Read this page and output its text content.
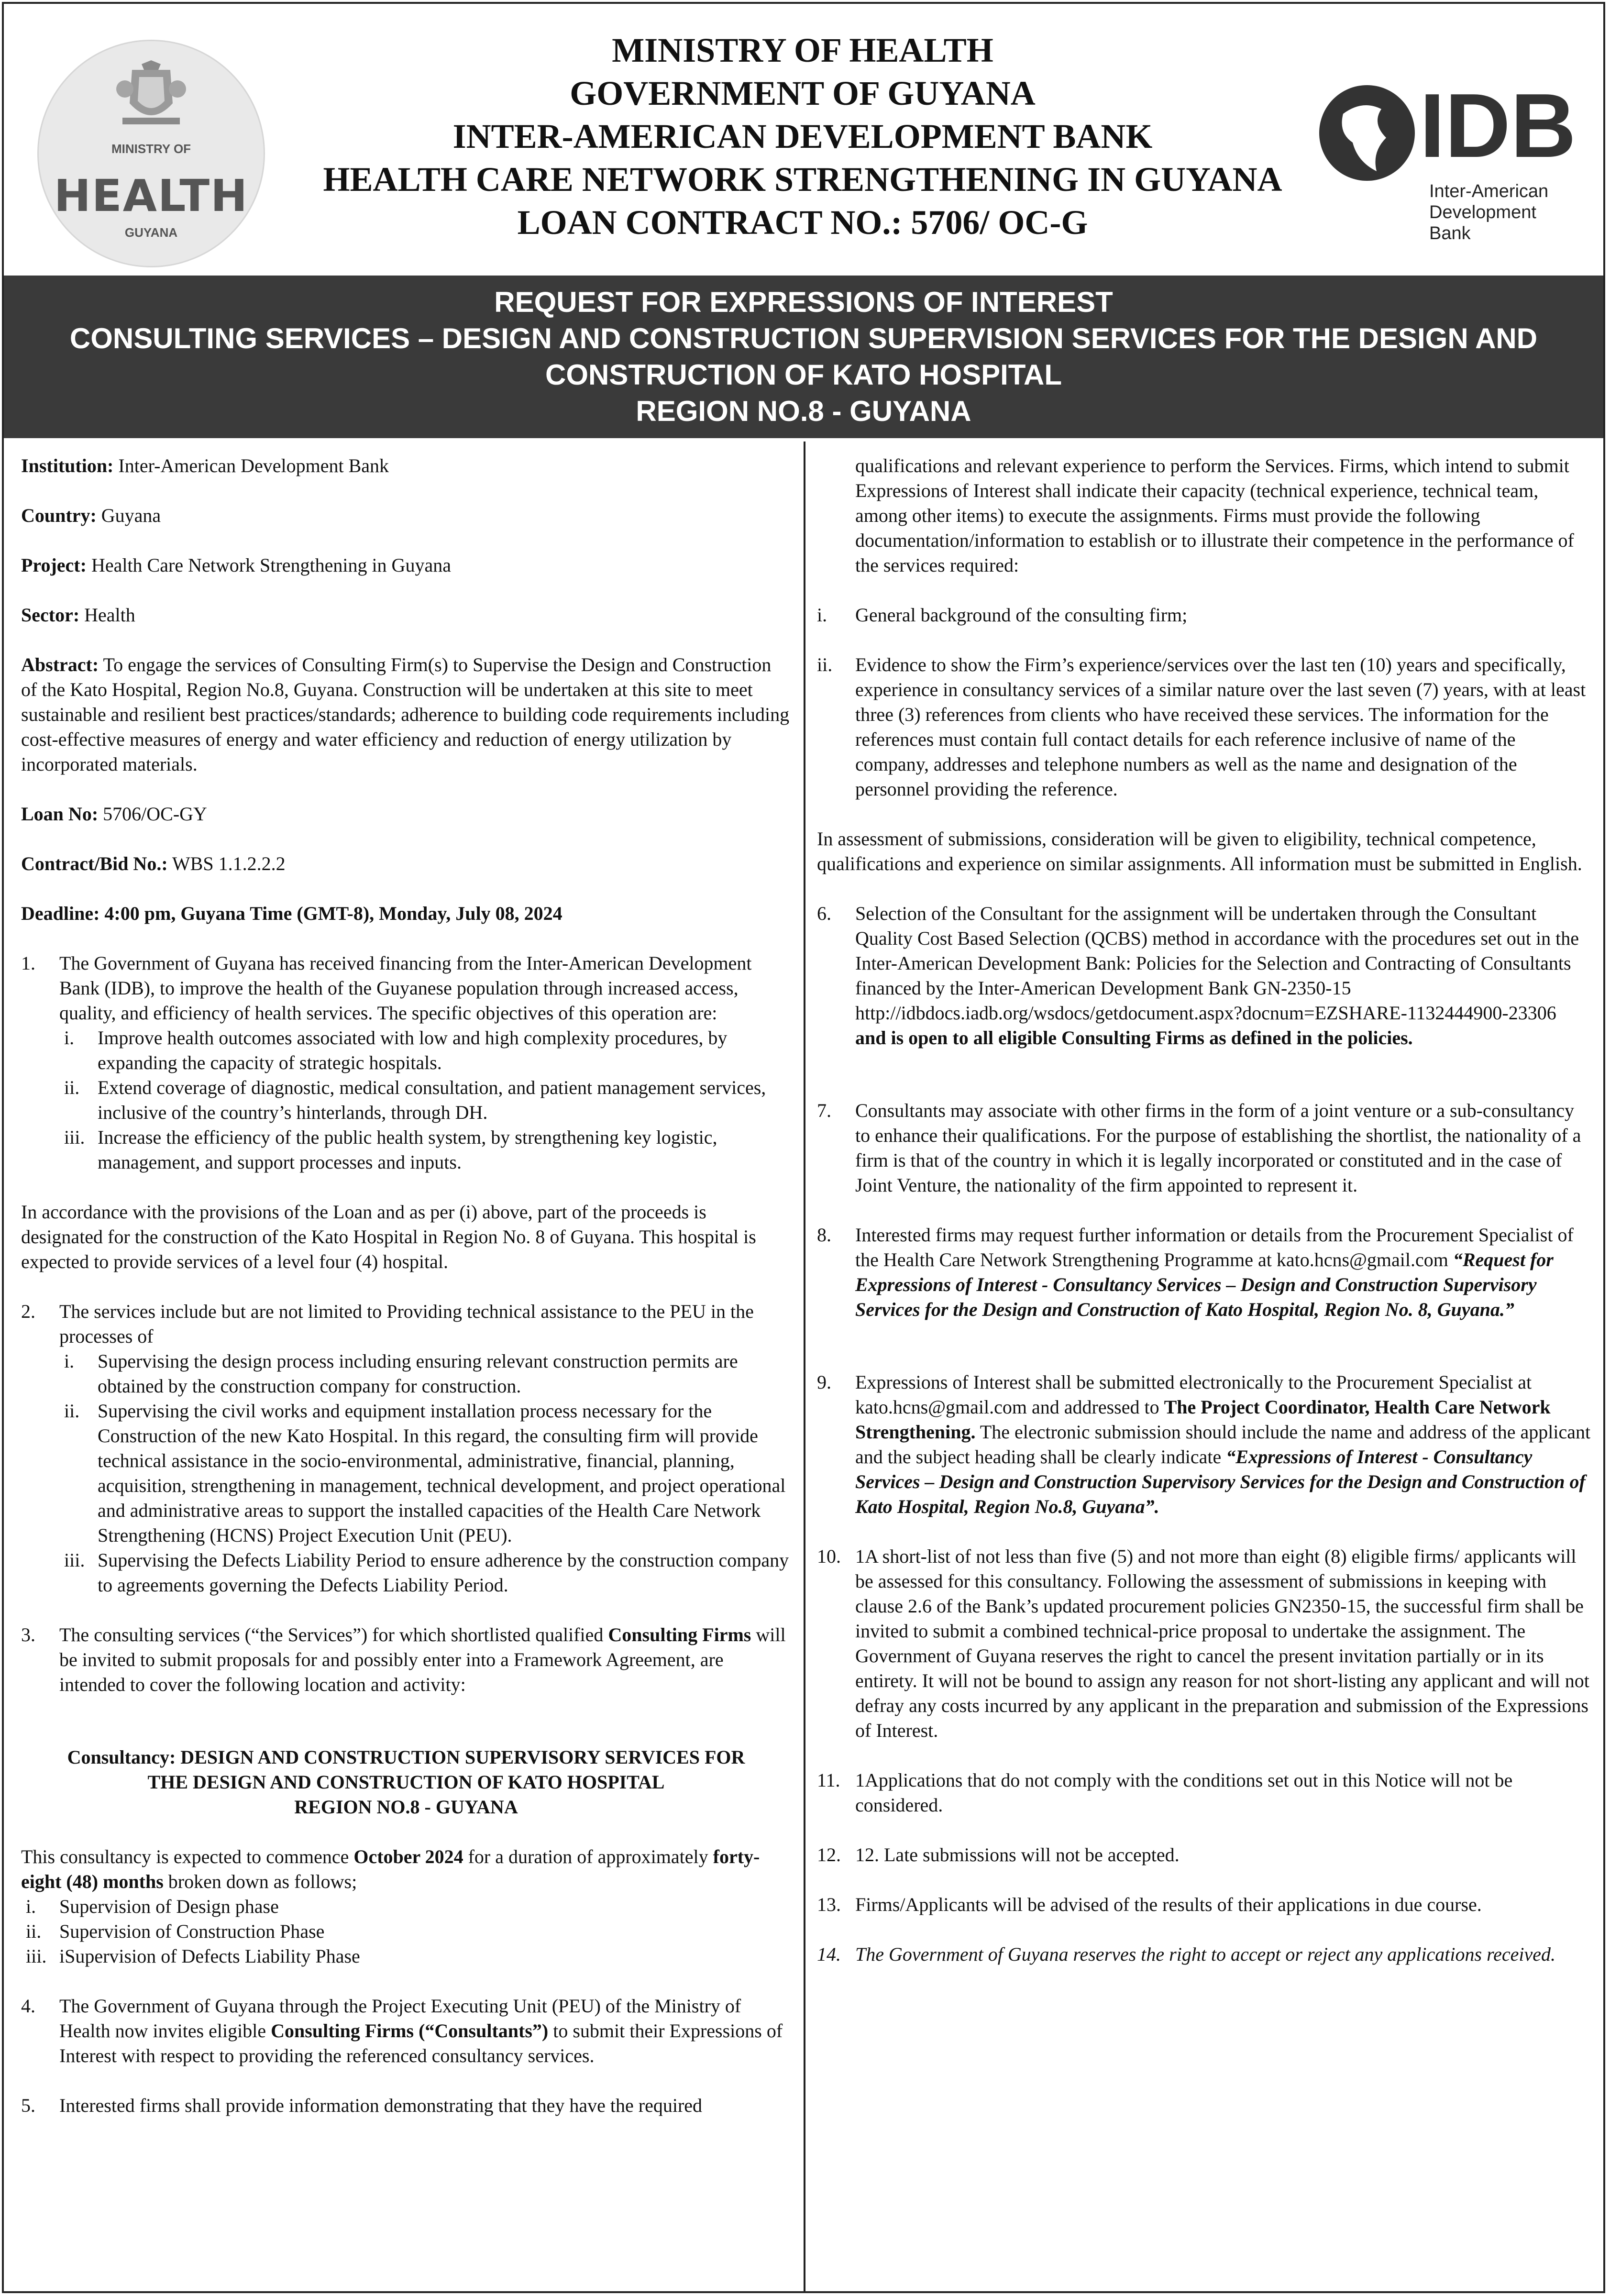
MINISTRY OF
HEALTH
GUYANA
MINISTRY OF HEALTH
GOVERNMENT OF GUYANA
INTER-AMERICAN DEVELOPMENT BANK
HEALTH CARE NETWORK STRENGTHENING IN GUYANA
LOAN CONTRACT NO.: 5706/ OC-G
IDB
Inter-American
Development Bank
REQUEST FOR EXPRESSIONS OF INTEREST
CONSULTING SERVICES – DESIGN AND CONSTRUCTION SUPERVISION SERVICES FOR THE DESIGN AND
CONSTRUCTION OF KATO HOSPITAL
REGION NO.8 - GUYANA

Institution: Inter-American Development Bank

Country: Guyana

Project: Health Care Network Strengthening in Guyana

Sector: Health

Abstract: To engage the services of Consulting Firm(s) to Supervise the Design and Construction of the Kato Hospital, Region No.8, Guyana. Construction will be undertaken at this site to meet sustainable and resilient best practices/standards; adherence to building code requirements including cost-effective measures of energy and water efficiency and reduction of energy utilization by incorporated materials.

Loan No: 5706/OC-GY

Contract/Bid No.: WBS 1.1.2.2.2

Deadline: 4:00 pm, Guyana Time (GMT-8), Monday, July 08, 2024

1. The Government of Guyana has received financing from the Inter-American Development Bank (IDB), to improve the health of the Guyanese population through increased access, quality, and efficiency of health services. The specific objectives of this operation are:
i. Improve health outcomes associated with low and high complexity procedures, by expanding the capacity of strategic hospitals.
ii. Extend coverage of diagnostic, medical consultation, and patient management services, inclusive of the country’s hinterlands, through DH.
iii. Increase the efficiency of the public health system, by strengthening key logistic, management, and support processes and inputs.

In accordance with the provisions of the Loan and as per (i) above, part of the proceeds is designated for the construction of the Kato Hospital in Region No. 8 of Guyana. This hospital is expected to provide services of a level four (4) hospital.

2. The services include but are not limited to Providing technical assistance to the PEU in the processes of
i. Supervising the design process including ensuring relevant construction permits are obtained by the construction company for construction.
ii. Supervising the civil works and equipment installation process necessary for the Construction of the new Kato Hospital. In this regard, the consulting firm will provide technical assistance in the socio-environmental, administrative, financial, planning, acquisition, strengthening in management, technical development, and project operational and administrative areas to support the installed capacities of the Health Care Network Strengthening (HCNS) Project Execution Unit (PEU).
iii. Supervising the Defects Liability Period to ensure adherence by the construction company to agreements governing the Defects Liability Period.
3. The consulting services (“the Services”) for which shortlisted qualified Consulting Firms will be invited to submit proposals for and possibly enter into a Framework Agreement, are intended to cover the following location and activity:
Consultancy: DESIGN AND CONSTRUCTION SUPERVISORY SERVICES FOR
THE DESIGN AND CONSTRUCTION OF KATO HOSPITAL
REGION NO.8 - GUYANA
This consultancy is expected to commence October 2024 for a duration of approximately forty-eight (48) months broken down as follows;
i. Supervision of Design phase
ii. Supervision of Construction Phase
iii. iSupervision of Defects Liability Phase
4. The Government of Guyana through the Project Executing Unit (PEU) of the Ministry of Health now invites eligible Consulting Firms (“Consultants”) to submit their Expressions of Interest with respect to providing the referenced consultancy services.
5. Interested firms shall provide information demonstrating that they have the required
qualifications and relevant experience to perform the Services. Firms, which intend to submit Expressions of Interest shall indicate their capacity (technical experience, technical team, among other items) to execute the assignments. Firms must provide the following documentation/information to establish or to illustrate their competence in the performance of the services required:
i. General background of the consulting firm;
ii. Evidence to show the Firm’s experience/services over the last ten (10) years and specifically, experience in consultancy services of a similar nature over the last seven (7) years, with at least three (3) references from clients who have received these services. The information for the references must contain full contact details for each reference inclusive of name of the company, addresses and telephone numbers as well as the name and designation of the personnel providing the reference.

In assessment of submissions, consideration will be given to eligibility, technical competence, qualifications and experience on similar assignments. All information must be submitted in English.

6. Selection of the Consultant for the assignment will be undertaken through the Consultant Quality Cost Based Selection (QCBS) method in accordance with the procedures set out in the Inter-American Development Bank: Policies for the Selection and Contracting of Consultants financed by the Inter-American Development Bank GN-2350-15 http://idbdocs.iadb.org/wsdocs/getdocument.aspx?docnum=EZSHARE-1132444900-23306 and is open to all eligible Consulting Firms as defined in the policies.
7. Consultants may associate with other firms in the form of a joint venture or a sub-consultancy to enhance their qualifications. For the purpose of establishing the shortlist, the nationality of a firm is that of the country in which it is legally incorporated or constituted and in the case of Joint Venture, the nationality of the firm appointed to represent it.
8. Interested firms may request further information or details from the Procurement Specialist of the Health Care Network Strengthening Programme at kato.hcns@gmail.com “Request for Expressions of Interest - Consultancy Services – Design and Construction Supervisory Services for the Design and Construction of Kato Hospital, Region No. 8, Guyana.”
9. Expressions of Interest shall be submitted electronically to the Procurement Specialist at kato.hcns@gmail.com and addressed to The Project Coordinator, Health Care Network Strengthening. The electronic submission should include the name and address of the applicant and the subject heading shall be clearly indicate “Expressions of Interest - Consultancy Services – Design and Construction Supervisory Services for the Design and Construction of Kato Hospital, Region No.8, Guyana”.
10. 1A short-list of not less than five (5) and not more than eight (8) eligible firms/ applicants will be assessed for this consultancy. Following the assessment of submissions in keeping with clause 2.6 of the Bank’s updated procurement policies GN2350-15, the successful firm shall be invited to submit a combined technical-price proposal to undertake the assignment. The Government of Guyana reserves the right to cancel the present invitation partially or in its entirety. It will not be bound to assign any reason for not short-listing any applicant and will not defray any costs incurred by any applicant in the preparation and submission of the Expressions of Interest.
11. 1Applications that do not comply with the conditions set out in this Notice will not be considered.
12. 12. Late submissions will not be accepted.
13. Firms/Applicants will be advised of the results of their applications in due course.
14. The Government of Guyana reserves the right to accept or reject any applications received.
